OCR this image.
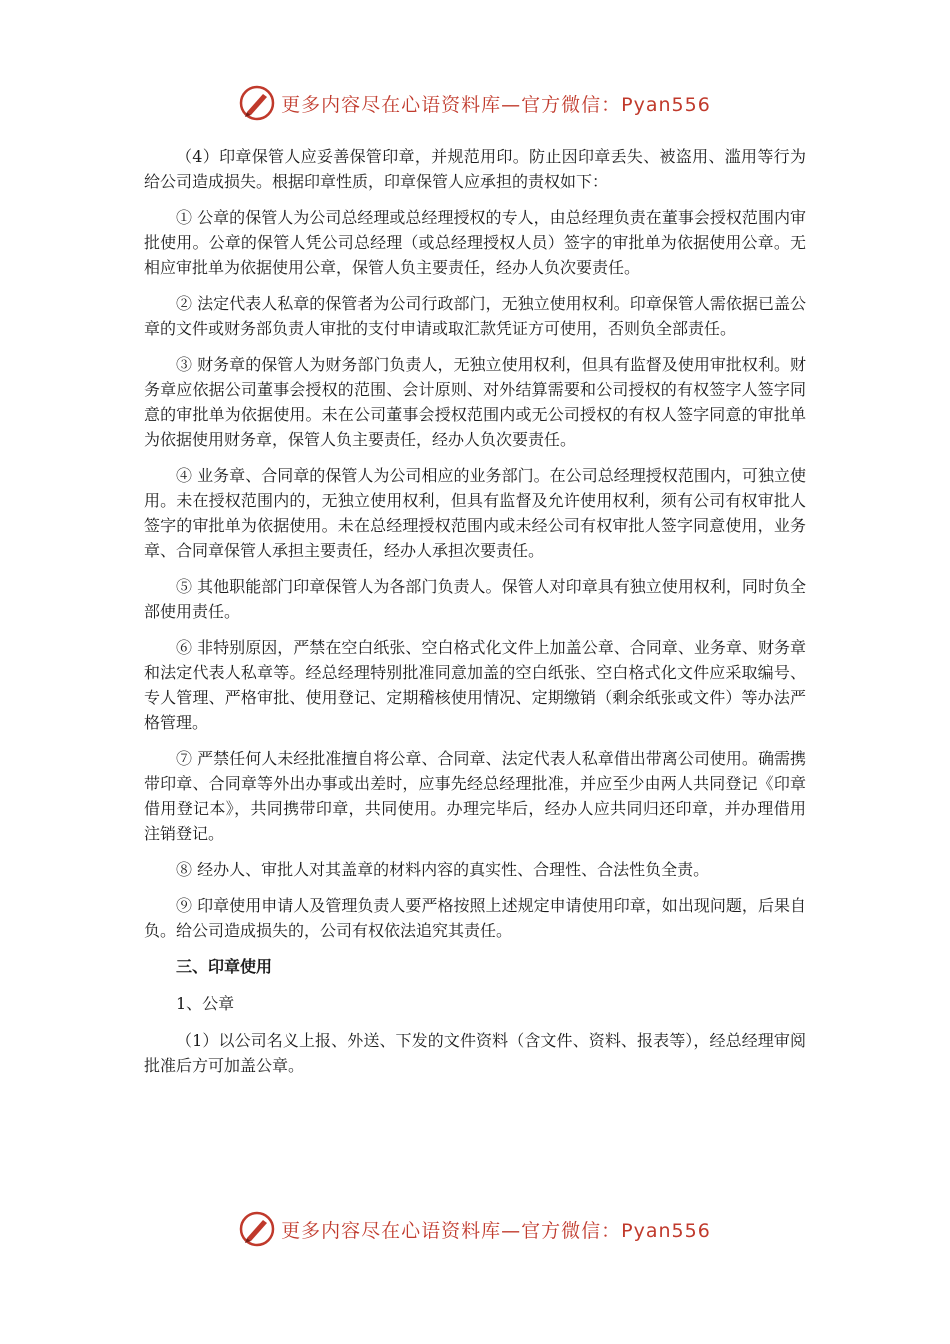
更多内容尽在心语资料库—官方微信：Pyan556

（4）印章保管人应妥善保管印章，并规范用印。防止因印章丢失、被盗用、滥用等行为给公司造成损失。根据印章性质，印章保管人应承担的责权如下：

① 公章的保管人为公司总经理或总经理授权的专人，由总经理负责在董事会授权范围内审批使用。公章的保管人凭公司总经理（或总经理授权人员）签字的审批单为依据使用公章。无相应审批单为依据使用公章，保管人负主要责任，经办人负次要责任。

② 法定代表人私章的保管者为公司行政部门，无独立使用权利。印章保管人需依据已盖公章的文件或财务部负责人审批的支付申请或取汇款凭证方可使用，否则负全部责任。

③ 财务章的保管人为财务部门负责人，无独立使用权利，但具有监督及使用审批权利。财务章应依据公司董事会授权的范围、会计原则、对外结算需要和公司授权的有权签字人签字同意的审批单为依据使用。未在公司董事会授权范围内或无公司授权的有权人签字同意的审批单为依据使用财务章，保管人负主要责任，经办人负次要责任。

④ 业务章、合同章的保管人为公司相应的业务部门。在公司总经理授权范围内，可独立使用。未在授权范围内的，无独立使用权利，但具有监督及允许使用权利，须有公司有权审批人签字的审批单为依据使用。未在总经理授权范围内或未经公司有权审批人签字同意使用，业务章、合同章保管人承担主要责任，经办人承担次要责任。

⑤ 其他职能部门印章保管人为各部门负责人。保管人对印章具有独立使用权利，同时负全部使用责任。

⑥ 非特别原因，严禁在空白纸张、空白格式化文件上加盖公章、合同章、业务章、财务章和法定代表人私章等。经总经理特别批准同意加盖的空白纸张、空白格式化文件应采取编号、专人管理、严格审批、使用登记、定期稽核使用情况、定期缴销（剩余纸张或文件）等办法严格管理。

⑦ 严禁任何人未经批准擅自将公章、合同章、法定代表人私章借出带离公司使用。确需携带印章、合同章等外出办事或出差时，应事先经总经理批准，并应至少由两人共同登记《印章借用登记本》，共同携带印章，共同使用。办理完毕后，经办人应共同归还印章，并办理借用注销登记。

⑧ 经办人、审批人对其盖章的材料内容的真实性、合理性、合法性负全责。

⑨ 印章使用申请人及管理负责人要严格按照上述规定申请使用印章，如出现问题，后果自负。给公司造成损失的，公司有权依法追究其责任。

三、印章使用

1、公章

（1）以公司名义上报、外送、下发的文件资料（含文件、资料、报表等），经总经理审阅批准后方可加盖公章。

更多内容尽在心语资料库—官方微信：Pyan556
